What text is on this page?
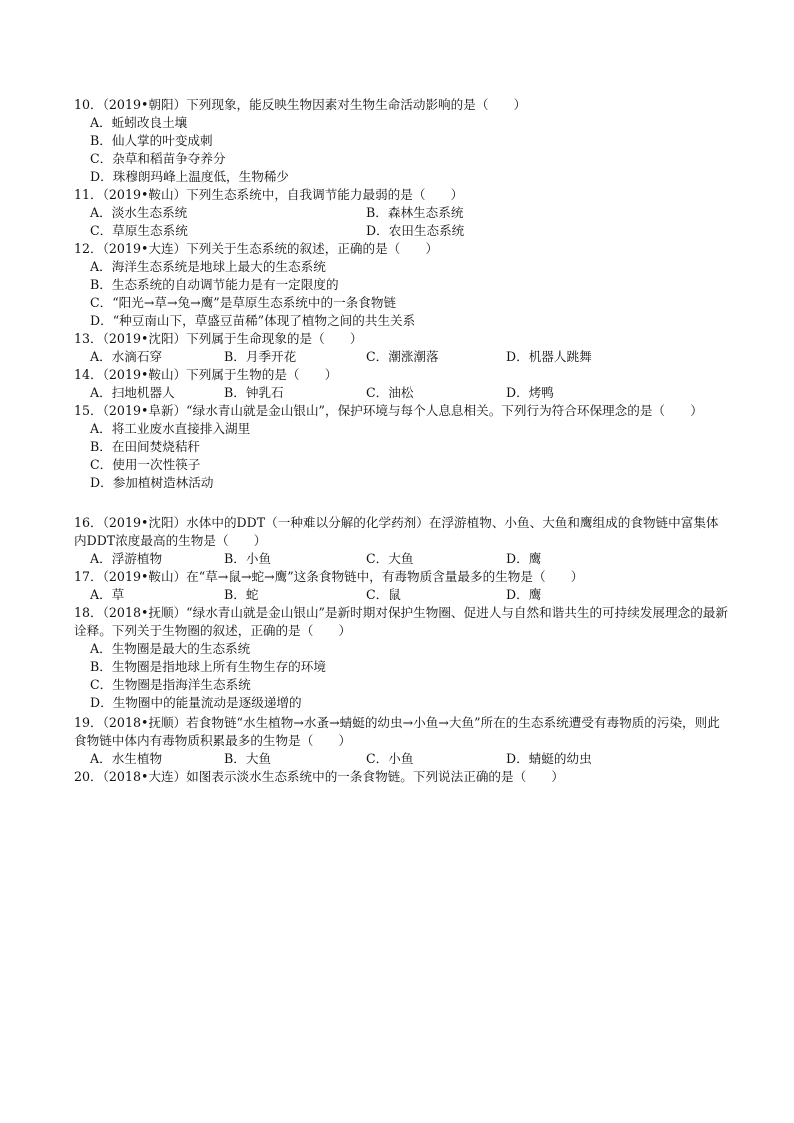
10．（2019•朝阳）下列现象，能反映生物因素对生物生命活动影响的是（　　）
A．蚯蚓改良土壤
B．仙人掌的叶变成刺
C．杂草和稻苗争夺养分
D．珠穆朗玛峰上温度低，生物稀少
11．（2019•鞍山）下列生态系统中，自我调节能力最弱的是（　　）
A．淡水生态系统	B．森林生态系统
C．草原生态系统	D．农田生态系统
12．（2019•大连）下列关于生态系统的叙述，正确的是（　　）
A．海洋生态系统是地球上最大的生态系统
B．生态系统的自动调节能力是有一定限度的
C．“阳光→草→兔→鹰”是草原生态系统中的一条食物链
D．“种豆南山下，草盛豆苗稀”体现了植物之间的共生关系
13．（2019•沈阳）下列属于生命现象的是（　　）
A．水滴石穿	B．月季开花	C．潮涨潮落	D．机器人跳舞
14．（2019•鞍山）下列属于生物的是（　　）
A．扫地机器人	B．钟乳石	C．油松	D．烤鸭
15．（2019•阜新）“绿水青山就是金山银山”，保护环境与每个人息息相关。下列行为符合环保理念的是（　　）
A．将工业废水直接排入湖里
B．在田间焚烧秸秆
C．使用一次性筷子
D．参加植树造林活动
16．（2019•沈阳）水体中的DDT（一种难以分解的化学药剂）在浮游植物、小鱼、大鱼和鹰组成的食物链中富集体内DDT浓度最高的生物是（　　）
A．浮游植物	B．小鱼	C．大鱼	D．鹰
17．（2019•鞍山）在“草→鼠→蛇→鹰”这条食物链中，有毒物质含量最多的生物是（　　）
A．草	B．蛇	C．鼠	D．鹰
18．（2018•抚顺）“绿水青山就是金山银山”是新时期对保护生物圈、促进人与自然和谐共生的可持续发展理念的最新诠释。下列关于生物圈的叙述，正确的是（　　）
A．生物圈是最大的生态系统
B．生物圈是指地球上所有生物生存的环境
C．生物圈是指海洋生态系统
D．生物圈中的能量流动是逐级递增的
19．（2018•抚顺）若食物链“水生植物→水蚤→蜻蜓的幼虫→小鱼→大鱼”所在的生态系统遭受有毒物质的污染，则此食物链中体内有毒物质积累最多的生物是（　　）
A．水生植物	B．大鱼	C．小鱼	D．蜻蜓的幼虫
20．（2018•大连）如图表示淡水生态系统中的一条食物链。下列说法正确的是（　　）
